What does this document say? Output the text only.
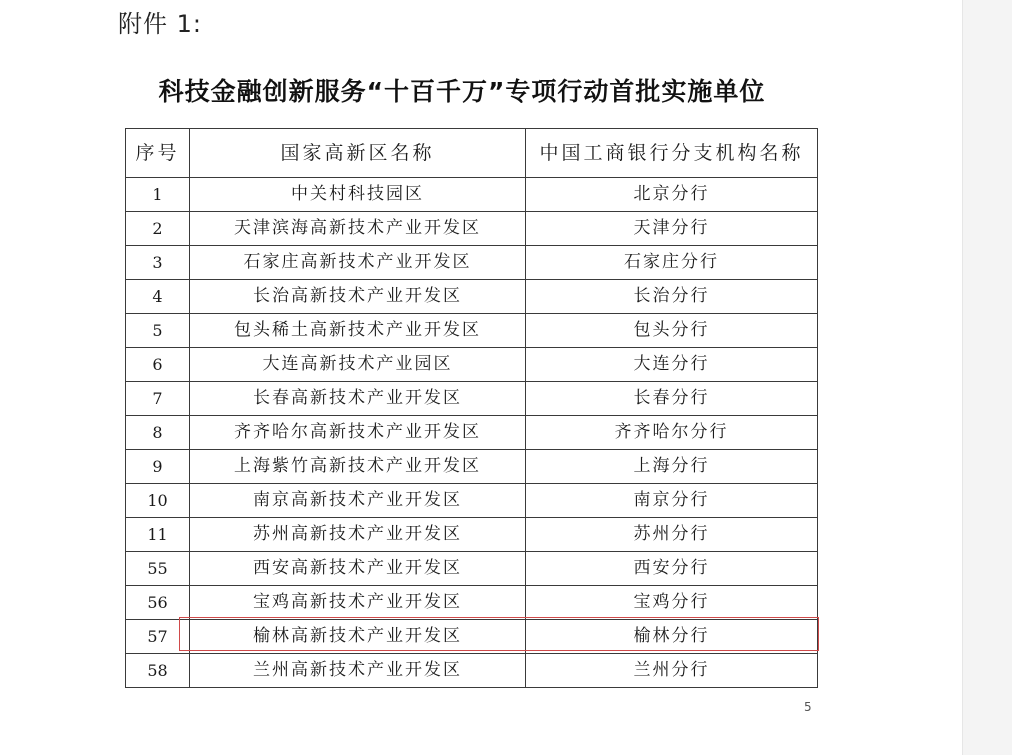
附件 1:
科技金融创新服务“十百千万”专项行动首批实施单位
序号	国家高新区名称	中国工商银行分支机构名称
1	中关村科技园区	北京分行
2	天津滨海高新技术产业开发区	天津分行
3	石家庄高新技术产业开发区	石家庄分行
4	长治高新技术产业开发区	长治分行
5	包头稀土高新技术产业开发区	包头分行
6	大连高新技术产业园区	大连分行
7	长春高新技术产业开发区	长春分行
8	齐齐哈尔高新技术产业开发区	齐齐哈尔分行
9	上海紫竹高新技术产业开发区	上海分行
10	南京高新技术产业开发区	南京分行
11	苏州高新技术产业开发区	苏州分行
55	西安高新技术产业开发区	西安分行
56	宝鸡高新技术产业开发区	宝鸡分行
57	榆林高新技术产业开发区	榆林分行
58	兰州高新技术产业开发区	兰州分行
5
